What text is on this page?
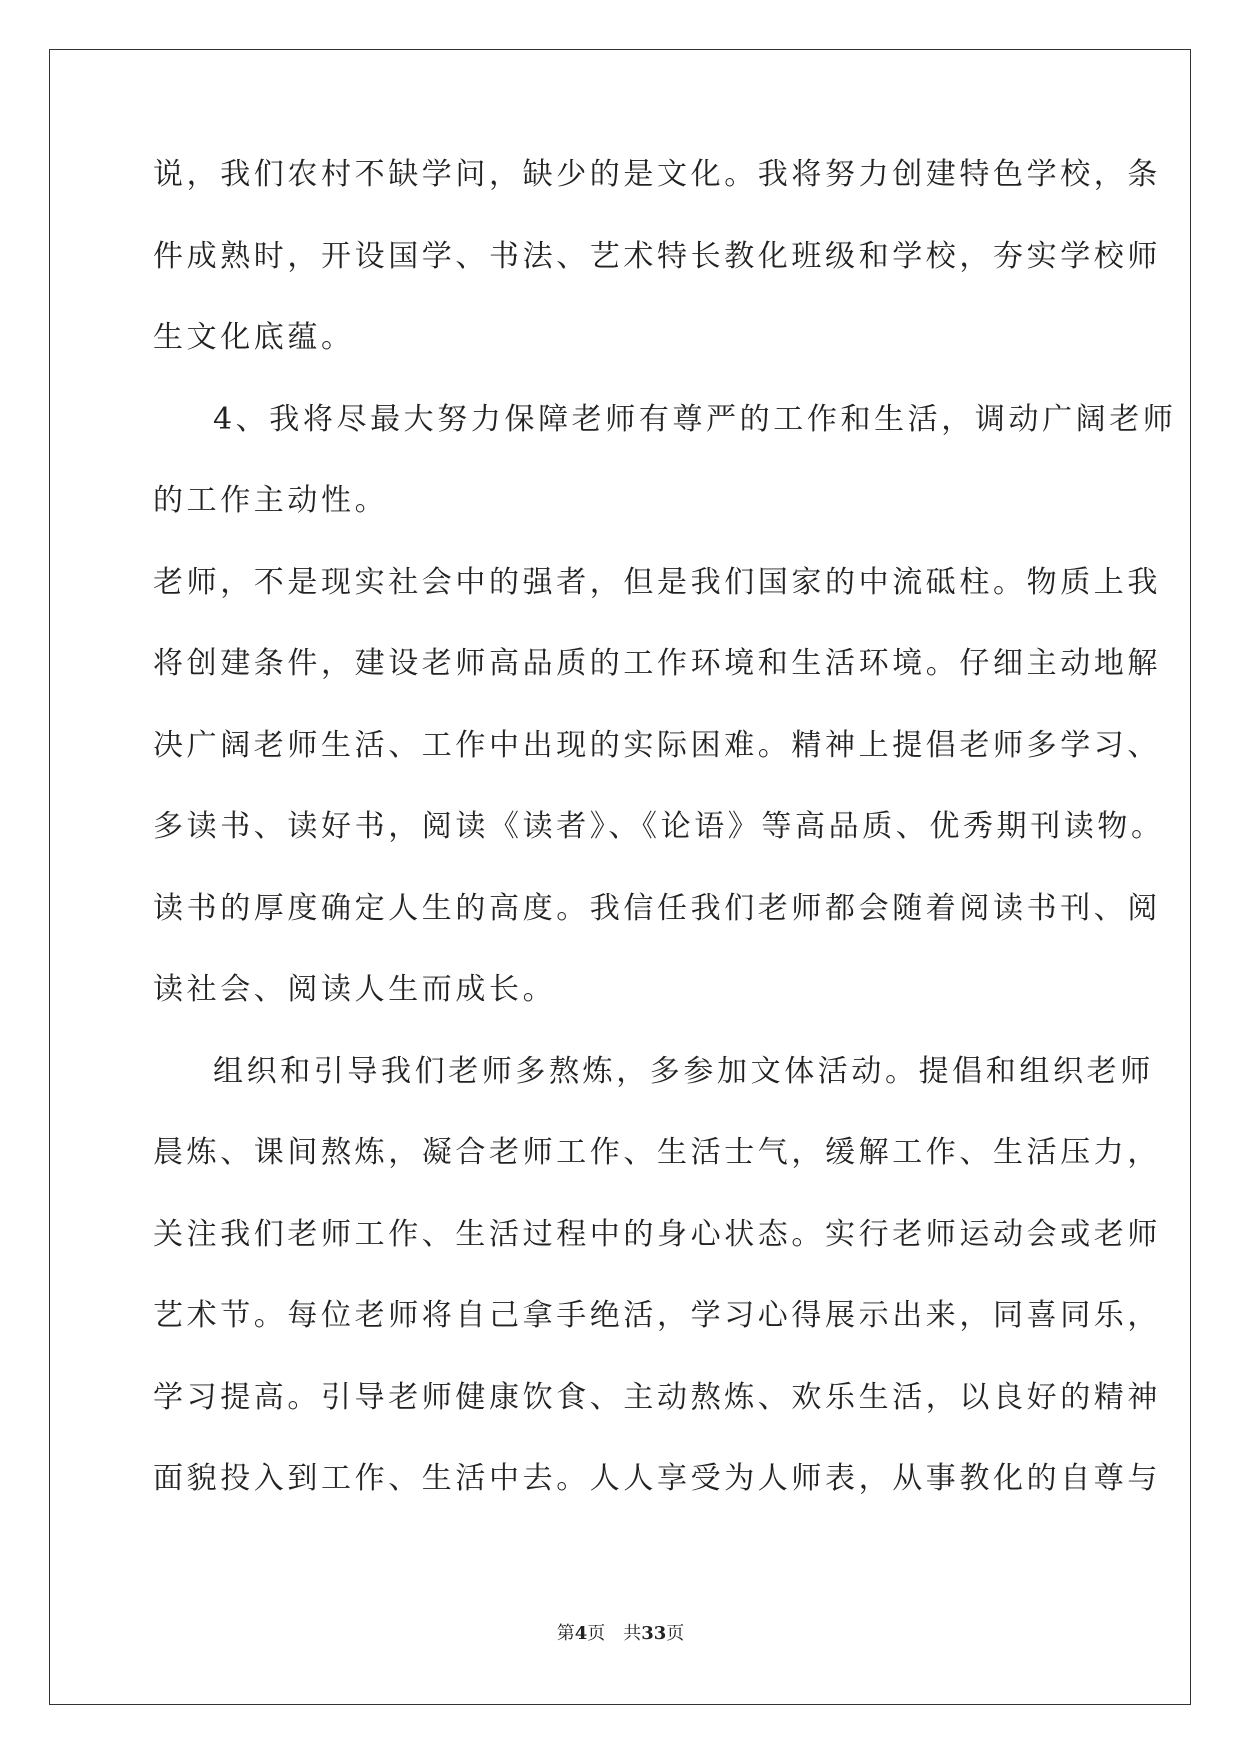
说，我们农村不缺学问，缺少的是文化。我将努力创建特色学校，条
件成熟时，开设国学、书法、艺术特长教化班级和学校，夯实学校师
生文化底蕴。
4、我将尽最大努力保障老师有尊严的工作和生活，调动广阔老师
的工作主动性。
老师，不是现实社会中的强者，但是我们国家的中流砥柱。物质上我
将创建条件，建设老师高品质的工作环境和生活环境。仔细主动地解
决广阔老师生活、工作中出现的实际困难。精神上提倡老师多学习、
多读书、读好书，阅读《读者》、《论语》等高品质、优秀期刊读物。
读书的厚度确定人生的高度。我信任我们老师都会随着阅读书刊、阅
读社会、阅读人生而成长。
组织和引导我们老师多熬炼，多参加文体活动。提倡和组织老师
晨炼、课间熬炼，凝合老师工作、生活士气，缓解工作、生活压力，
关注我们老师工作、生活过程中的身心状态。实行老师运动会或老师
艺术节。每位老师将自己拿手绝活，学习心得展示出来，同喜同乐，
学习提高。引导老师健康饮食、主动熬炼、欢乐生活，以良好的精神
面貌投入到工作、生活中去。人人享受为人师表，从事教化的自尊与
第4页　共33页
